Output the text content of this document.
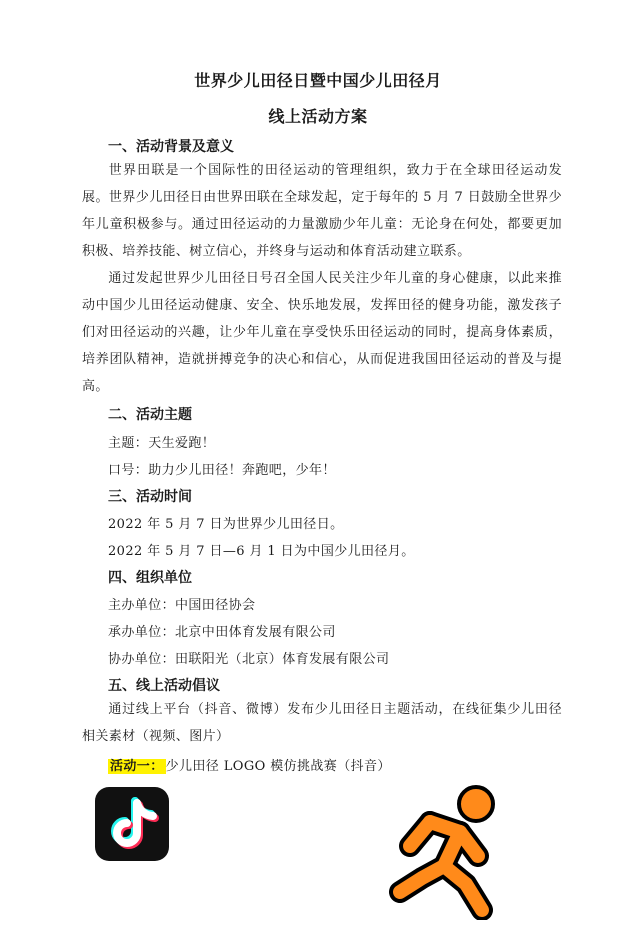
世界少儿田径日暨中国少儿田径月
线上活动方案
一、活动背景及意义
世界田联是一个国际性的田径运动的管理组织，致力于在全球田径运动发展。世界少儿田径日由世界田联在全球发起，定于每年的 5 月 7 日鼓励全世界少年儿童积极参与。通过田径运动的力量激励少年儿童：无论身在何处，都要更加积极、培养技能、树立信心，并终身与运动和体育活动建立联系。
通过发起世界少儿田径日号召全国人民关注少年儿童的身心健康，以此来推动中国少儿田径运动健康、安全、快乐地发展，发挥田径的健身功能，激发孩子们对田径运动的兴趣，让少年儿童在享受快乐田径运动的同时，提高身体素质，培养团队精神，造就拼搏竞争的决心和信心，从而促进我国田径运动的普及与提高。
二、活动主题
主题：天生爱跑！
口号：助力少儿田径！奔跑吧，少年！
三、活动时间
2022 年 5 月 7 日为世界少儿田径日。
2022 年 5 月 7 日—6 月 1 日为中国少儿田径月。
四、组织单位
主办单位：中国田径协会
承办单位：北京中田体育发展有限公司
协办单位：田联阳光（北京）体育发展有限公司
五、线上活动倡议
通过线上平台（抖音、微博）发布少儿田径日主题活动，在线征集少儿田径相关素材（视频、图片）
活动一： 少儿田径 LOGO 模仿挑战赛（抖音）
